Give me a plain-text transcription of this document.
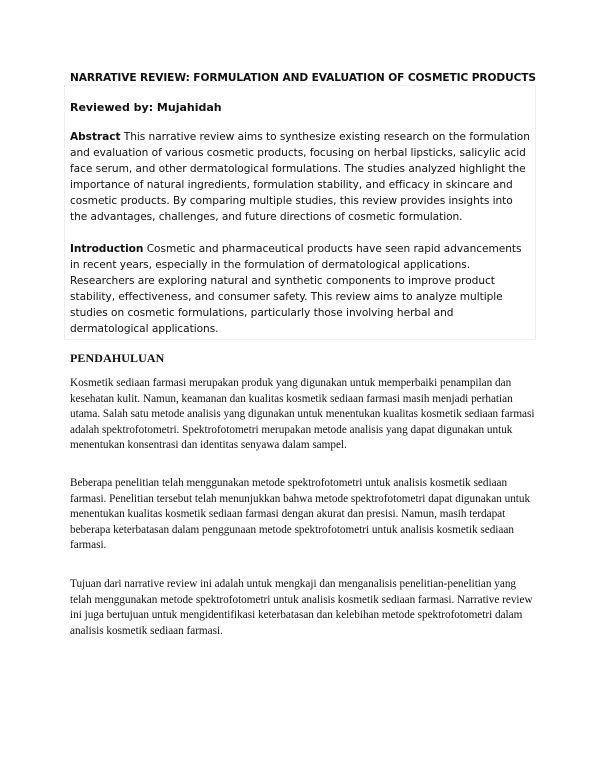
NARRATIVE REVIEW: FORMULATION AND EVALUATION OF COSMETIC PRODUCTS
Reviewed by: Mujahidah
Abstract This narrative review aims to synthesize existing research on the formulation and evaluation of various cosmetic products, focusing on herbal lipsticks, salicylic acid face serum, and other dermatological formulations. The studies analyzed highlight the importance of natural ingredients, formulation stability, and efficacy in skincare and cosmetic products. By comparing multiple studies, this review provides insights into the advantages, challenges, and future directions of cosmetic formulation.
Introduction Cosmetic and pharmaceutical products have seen rapid advancements in recent years, especially in the formulation of dermatological applications. Researchers are exploring natural and synthetic components to improve product stability, effectiveness, and consumer safety. This review aims to analyze multiple studies on cosmetic formulations, particularly those involving herbal and dermatological applications.
PENDAHULUAN
Kosmetik sediaan farmasi merupakan produk yang digunakan untuk memperbaiki penampilan dan kesehatan kulit. Namun, keamanan dan kualitas kosmetik sediaan farmasi masih menjadi perhatian utama. Salah satu metode analisis yang digunakan untuk menentukan kualitas kosmetik sediaan farmasi adalah spektrofotometri. Spektrofotometri merupakan metode analisis yang dapat digunakan untuk menentukan konsentrasi dan identitas senyawa dalam sampel.
Beberapa penelitian telah menggunakan metode spektrofotometri untuk analisis kosmetik sediaan farmasi. Penelitian tersebut telah menunjukkan bahwa metode spektrofotometri dapat digunakan untuk menentukan kualitas kosmetik sediaan farmasi dengan akurat dan presisi. Namun, masih terdapat beberapa keterbatasan dalam penggunaan metode spektrofotometri untuk analisis kosmetik sediaan farmasi.
Tujuan dari narrative review ini adalah untuk mengkaji dan menganalisis penelitian-penelitian yang telah menggunakan metode spektrofotometri untuk analisis kosmetik sediaan farmasi. Narrative review ini juga bertujuan untuk mengidentifikasi keterbatasan dan kelebihan metode spektrofotometri dalam analisis kosmetik sediaan farmasi.
